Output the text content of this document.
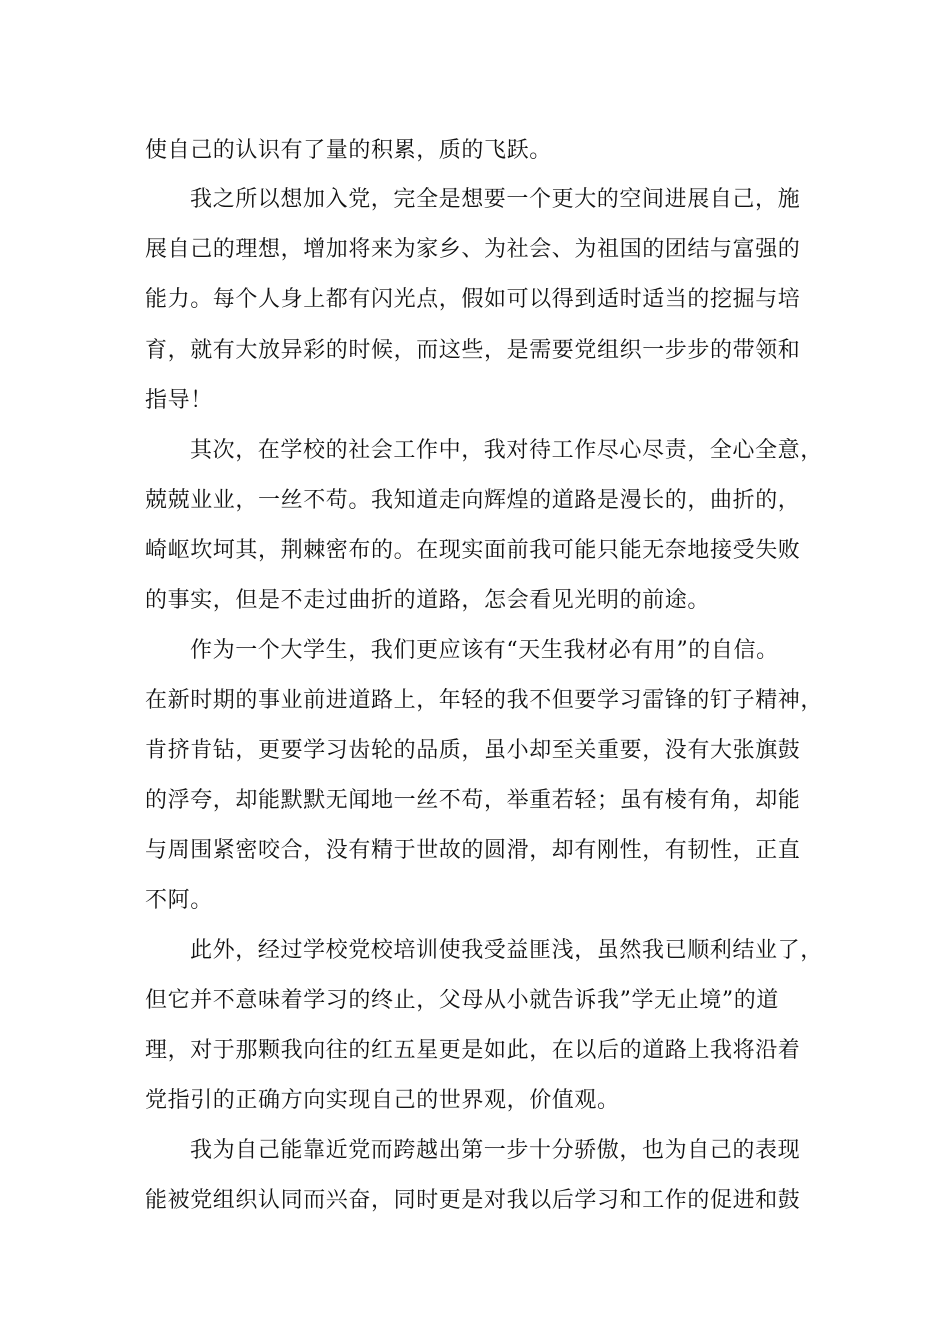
使自己的认识有了量的积累，质的飞跃。
我之所以想加入党，完全是想要一个更大的空间进展自己，施
展自己的理想，增加将来为家乡、为社会、为祖国的团结与富强的
能力。每个人身上都有闪光点，假如可以得到适时适当的挖掘与培
育，就有大放异彩的时候，而这些，是需要党组织一步步的带领和
指导！
其次，在学校的社会工作中，我对待工作尽心尽责，全心全意，
兢兢业业，一丝不苟。我知道走向辉煌的道路是漫长的，曲折的，
崎岖坎坷其，荆棘密布的。在现实面前我可能只能无奈地接受失败
的事实，但是不走过曲折的道路，怎会看见光明的前途。
作为一个大学生，我们更应该有“天生我材必有用”的自信。
在新时期的事业前进道路上，年轻的我不但要学习雷锋的钉子精神，
肯挤肯钻，更要学习齿轮的品质，虽小却至关重要，没有大张旗鼓
的浮夸，却能默默无闻地一丝不苟，举重若轻；虽有棱有角，却能
与周围紧密咬合，没有精于世故的圆滑，却有刚性，有韧性，正直
不阿。
此外，经过学校党校培训使我受益匪浅，虽然我已顺利结业了，
但它并不意味着学习的终止，父母从小就告诉我”学无止境”的道
理，对于那颗我向往的红五星更是如此，在以后的道路上我将沿着
党指引的正确方向实现自己的世界观，价值观。
我为自己能靠近党而跨越出第一步十分骄傲，也为自己的表现
能被党组织认同而兴奋，同时更是对我以后学习和工作的促进和鼓
